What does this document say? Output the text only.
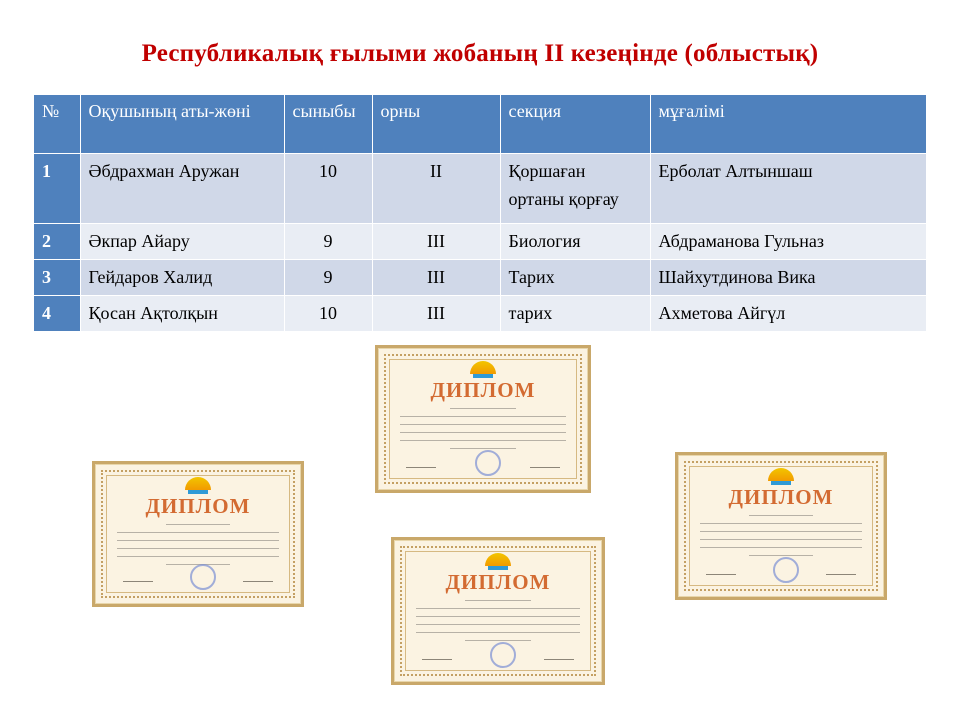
Республикалық ғылыми жобаның ІІ кезеңінде (облыстық)
№	Оқушының аты-жөні	сыныбы	орны	секция	мұғалімі
1	Әбдрахман Аружан	10	ІІ	Қоршаған ортаны қорғау	Ерболат Алтыншаш
2	Әкпар Айару	9	ІІІ	Биология	Абдраманова Гульназ
3	Гейдаров Халид	9	ІІІ	Тарих	Шайхутдинова Вика
4	Қосан Ақтолқын	10	ІІІ	тарих	Ахметова Айгүл
ДИПЛОМ
ДИПЛОМ	ДИПЛОМ
ДИПЛОМ
